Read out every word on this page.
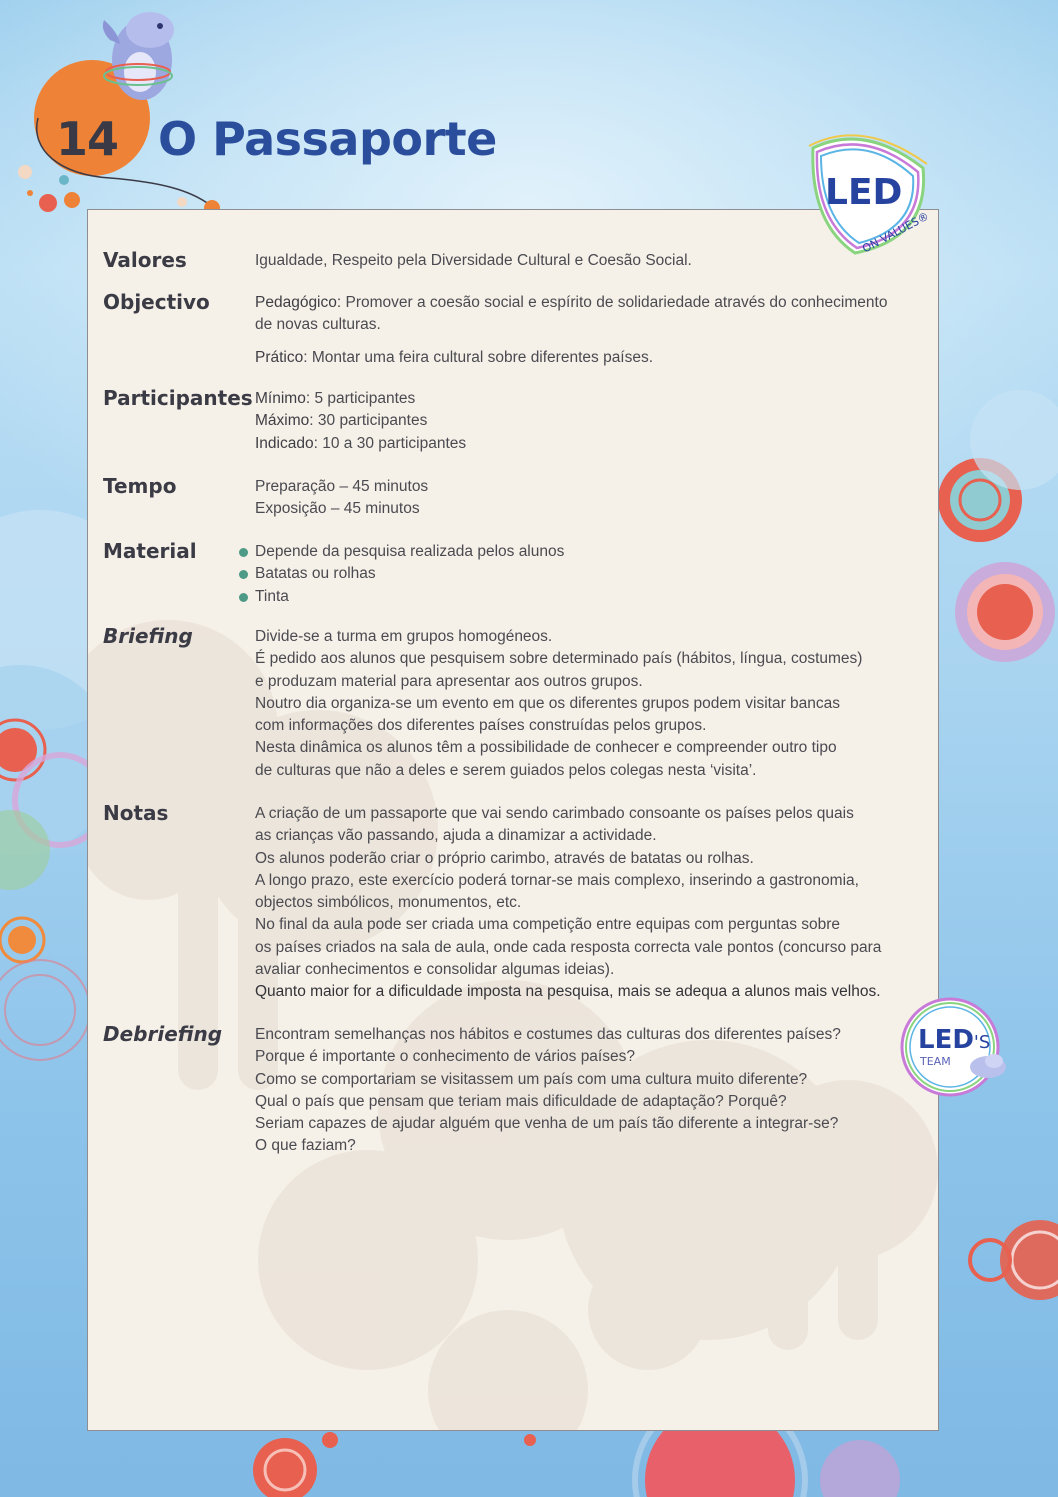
14 O Passaporte
Valores	Igualdade, Respeito pela Diversidade Cultural e Coesão Social.

Objectivo	Pedagógico: Promover a coesão social e espírito de solidariedade através do conhecimento

de novas culturas.

Prático: Montar uma feira cultural sobre diferentes países.

Participantes Mínimo: 5 participantes

Máximo: 30 participantes

Indicado: 10 a 30 participantes

Tempo	Preparação – 45 minutos

Exposição – 45 minutos

Material	Depende da pesquisa realizada pelos alunos
Batatas ou rolhas
Tinta
Briefing	Divide-se a turma em grupos homogéneos.

É pedido aos alunos que pesquisem sobre determinado país (hábitos, língua, costumes)

e produzam material para apresentar aos outros grupos.

Noutro dia organiza-se um evento em que os diferentes grupos podem visitar bancas

com informações dos diferentes países construídas pelos grupos.

Nesta dinâmica os alunos têm a possibilidade de conhecer e compreender outro tipo

de culturas que não a deles e serem guiados pelos colegas nesta ‘visita’.

Notas	A criação de um passaporte que vai sendo carimbado consoante os países pelos quais

as crianças vão passando, ajuda a dinamizar a actividade.

Os alunos poderão criar o próprio carimbo, através de batatas ou rolhas.

A longo prazo, este exercício poderá tornar-se mais complexo, inserindo a gastronomia,

objectos simbólicos, monumentos, etc.

No final da aula pode ser criada uma competição entre equipas com perguntas sobre

os países criados na sala de aula, onde cada resposta correcta vale pontos (concurso para

avaliar conhecimentos e consolidar algumas ideias).

Quanto maior for a dificuldade imposta na pesquisa, mais se adequa a alunos mais velhos.

Debriefing Encontram semelhanças nos hábitos e costumes das culturas dos diferentes países?

Porque é importante o conhecimento de vários países?

Como se comportariam se visitassem um país com uma cultura muito diferente?

Qual o país que pensam que teriam mais dificuldade de adaptação? Porquê?

Seriam capazes de ajudar alguém que venha de um país tão diferente a integrar-se?

O que faziam?

LED
ON VALUES®
LED'S
TEAM
